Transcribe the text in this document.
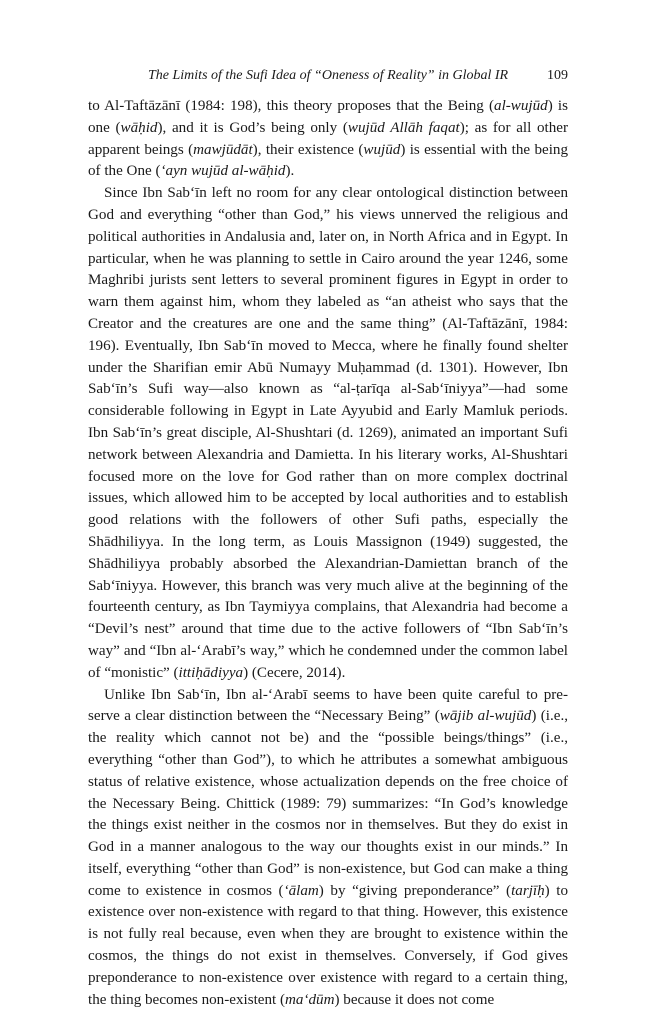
The Limits of the Sufi Idea of “Oneness of Reality” in Global IR	109

to Al-Taftāzānī (1984: 198), this theory proposes that the Being (al-wujūd) is one (wāḥid), and it is God’s being only (wujūd Allāh faqat); as for all other apparent beings (mawjūdāt), their existence (wujūd) is essential with the being of the One (‘ayn wujūd al-wāḥid).

Since Ibn Sab‘īn left no room for any clear ontological distinction between God and everything “other than God,” his views unnerved the religious and political authorities in Andalusia and, later on, in North Africa and in Egypt. In particular, when he was planning to settle in Cairo around the year 1246, some Maghribi jurists sent letters to several prominent figures in Egypt in order to warn them against him, whom they labeled as “an atheist who says that the Creator and the creatures are one and the same thing” (Al-Taftāzānī, 1984: 196). Eventually, Ibn Sab‘īn moved to Mecca, where he finally found shelter under the Sharifian emir Abū Numayy Muḥammad (d. 1301). However, Ibn Sab‘īn’s Sufi way—also known as “al-ṭarīqa al-Sab‘īniyya”—had some considerable following in Egypt in Late Ayyubid and Early Mamluk periods. Ibn Sab‘īn’s great disciple, Al-Shushtari (d. 1269), animated an important Sufi network between Alexandria and Damietta. In his literary works, Al-Shushtari focused more on the love for God rather than on more complex doctrinal issues, which allowed him to be accepted by local authorities and to establish good relations with the followers of other Sufi paths, especially the Shādhiliyya. In the long term, as Louis Massignon (1949) suggested, the Shādhiliyya probably absorbed the Alexandrian-Damiettan branch of the Sab‘īniyya. However, this branch was very much alive at the beginning of the fourteenth century, as Ibn Taymiyya complains, that Alexandria had become a “Devil’s nest” around that time due to the active followers of “Ibn Sab‘īn’s way” and “Ibn al-‘Arabī’s way,” which he condemned under the common label of “monistic” (ittiḥādiyya) (Cecere, 2014).

Unlike Ibn Sab‘īn, Ibn al-‘Arabī seems to have been quite careful to preserve a clear distinction between the “Necessary Being” (wājib al-wujūd) (i.e., the reality which cannot not be) and the “possible beings/things” (i.e., everything “other than God”), to which he attributes a somewhat ambiguous status of relative existence, whose actualization depends on the free choice of the Necessary Being. Chittick (1989: 79) summarizes: “In God’s knowledge the things exist neither in the cosmos nor in themselves. But they do exist in God in a manner analogous to the way our thoughts exist in our minds.” In itself, everything “other than God” is non-existence, but God can make a thing come to existence in cosmos (‘ālam) by “giving preponderance” (tarjīḥ) to existence over non-existence with regard to that thing. However, this existence is not fully real because, even when they are brought to existence within the cosmos, the things do not exist in themselves. Conversely, if God gives preponderance to non-existence over existence with regard to a certain thing, the thing becomes non-existent (ma‘dūm) because it does not come
